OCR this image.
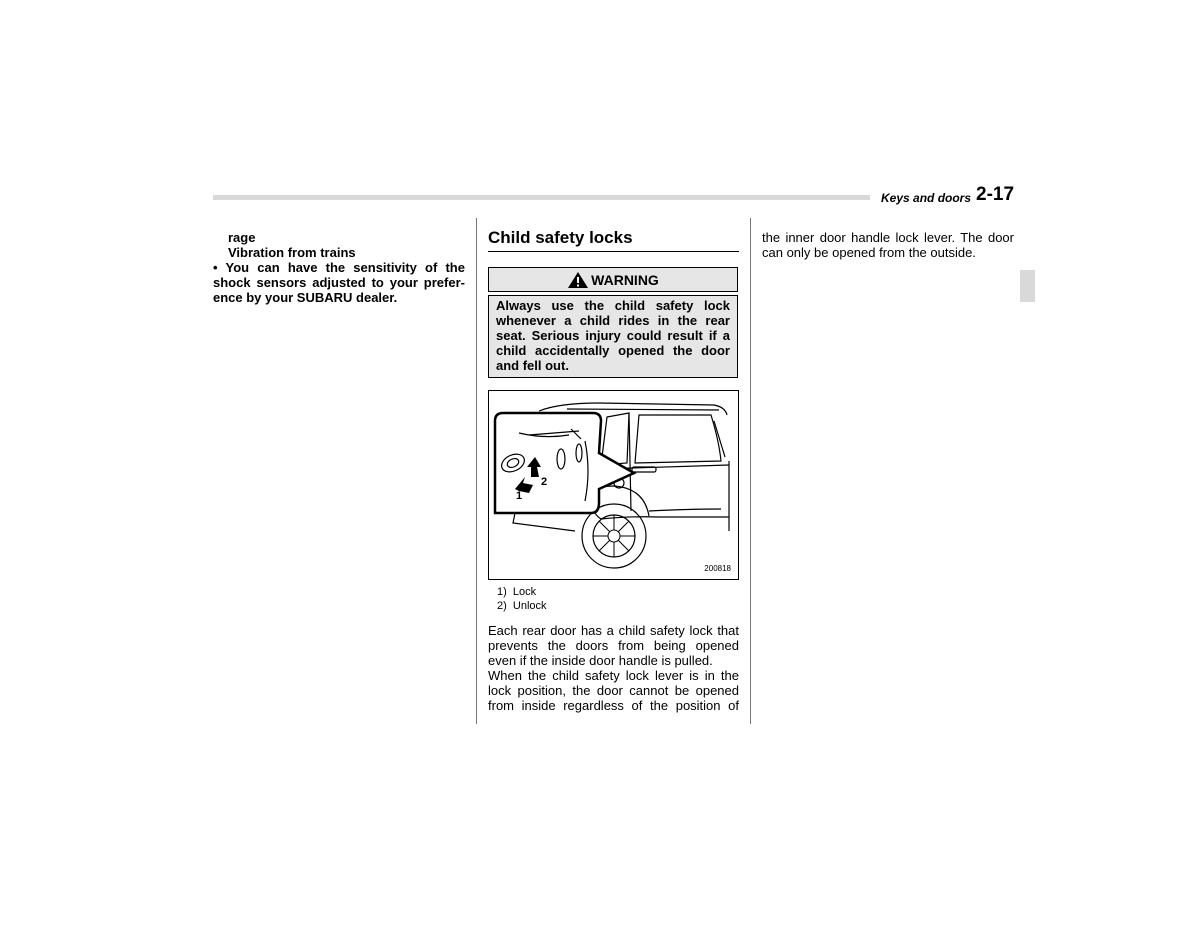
Keys and doors 2-17
rage
Vibration from trains
• You can have the sensitivity of the
shock sensors adjusted to your prefer-
ence by your SUBARU dealer.
Child safety locks
WARNING
Always use the child safety lock
whenever a child rides in the rear
seat. Serious injury could result if a
child accidentally opened the door
and fell out.
1
2
200818
1)  Lock
2)  Unlock
Each rear door has a child safety lock that
prevents the doors from being opened
even if the inside door handle is pulled.
When the child safety lock lever is in the
lock position, the door cannot be opened
from inside regardless of the position of
the inner door handle lock lever. The door
can only be opened from the outside.
